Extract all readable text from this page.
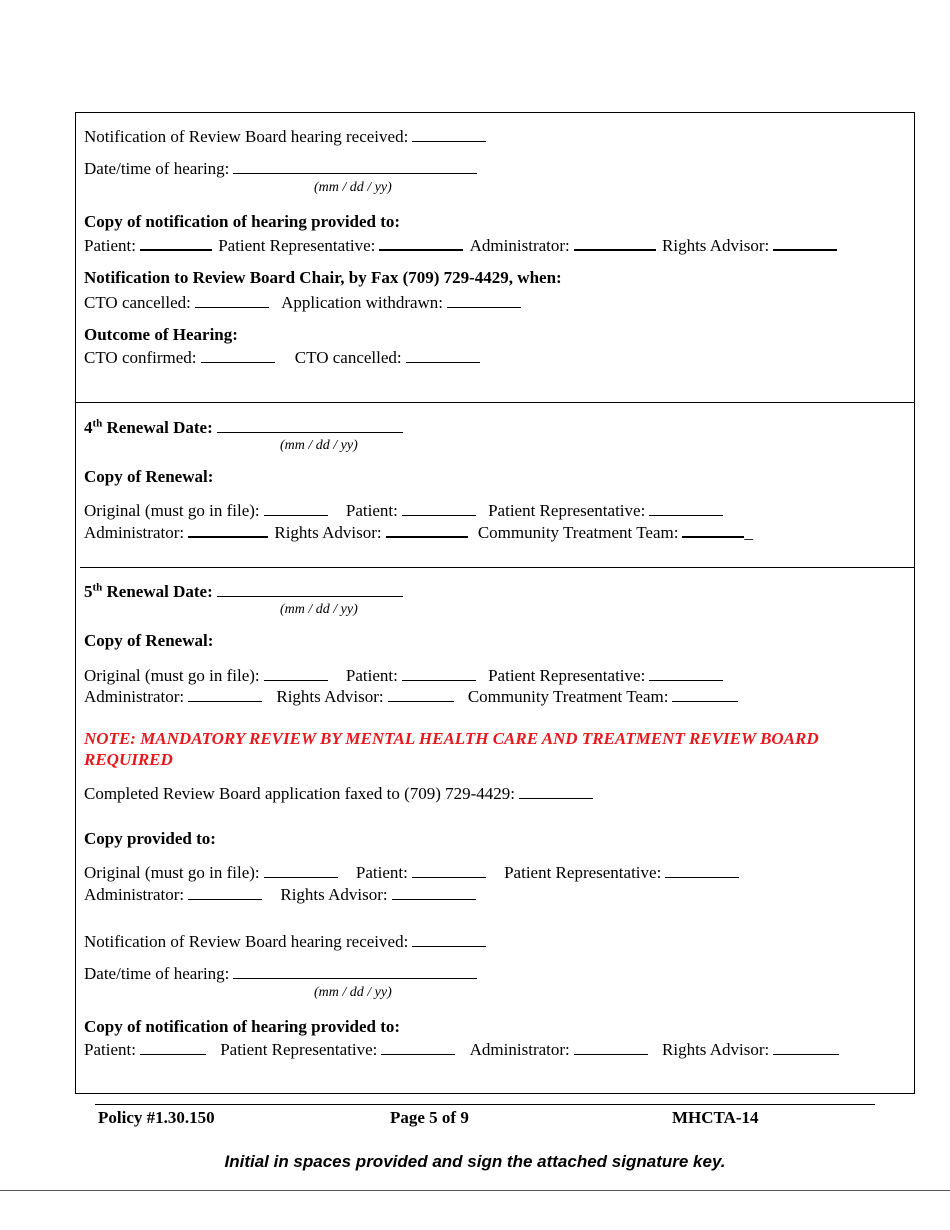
Notification of Review Board hearing received:
Date/time of hearing:
(mm / dd / yy)
Copy of notification of hearing provided to:
Patient:	Patient Representative:	Administrator:	Rights Advisor:
Notification to Review Board Chair, by Fax (709) 729-4429, when:
CTO cancelled:	Application withdrawn:
Outcome of Hearing:
CTO confirmed:	CTO cancelled:
4th Renewal Date:
(mm / dd / yy)
Copy of Renewal:
Original (must go in file):	Patient:	Patient Representative:
Administrator:	Rights Advisor:	Community Treatment Team:	_
5th Renewal Date:
(mm / dd / yy)
Copy of Renewal:
Original (must go in file):	Patient:	Patient Representative:
Administrator:	Rights Advisor:	Community Treatment Team:
NOTE: MANDATORY REVIEW BY MENTAL HEALTH CARE AND TREATMENT REVIEW BOARD REQUIRED
Completed Review Board application faxed to (709) 729-4429:
Copy provided to:
Original (must go in file):	Patient:	Patient Representative:
Administrator:	Rights Advisor:
Notification of Review Board hearing received:
Date/time of hearing:
(mm / dd / yy)
Copy of notification of hearing provided to:
Patient:	Patient Representative:	Administrator:	Rights Advisor:
Policy #1.30.150	Page 5 of 9	MHCTA-14
Initial in spaces provided and sign the attached signature key.
